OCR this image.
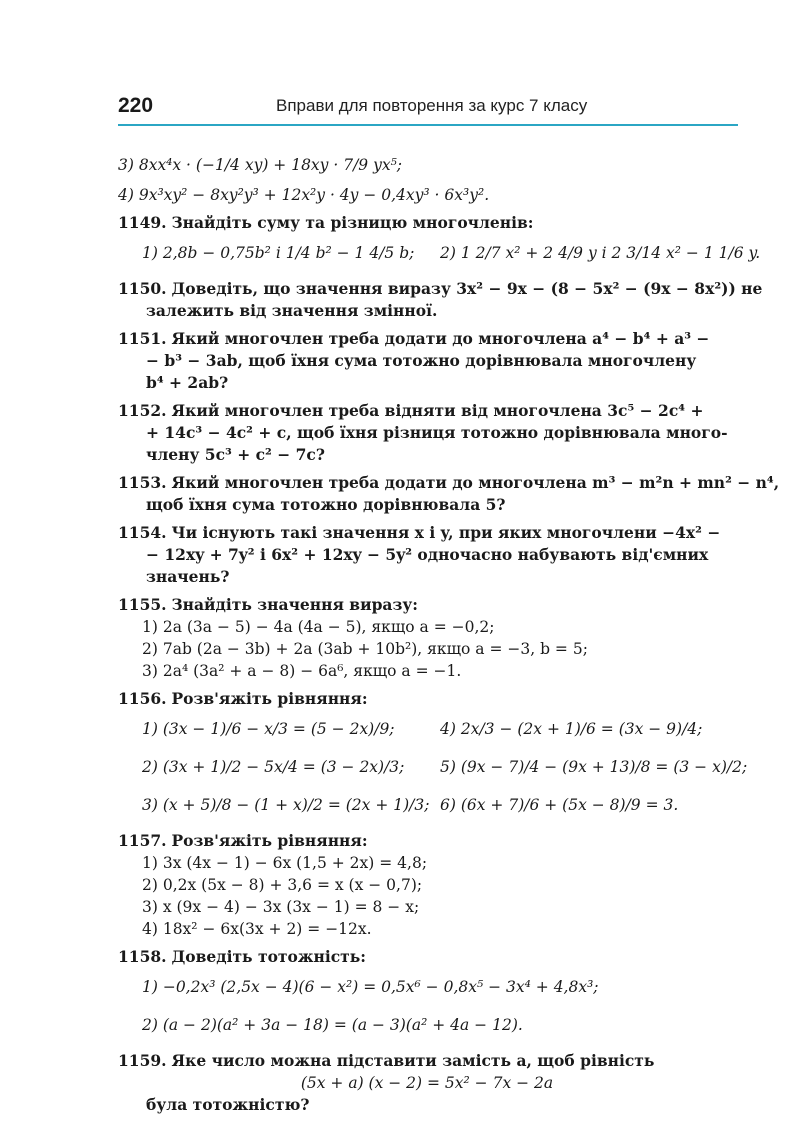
220	Вправи для повторення за курс 7 класу
3) 8xx⁴x · (−1/4 xy) + 18xy · 7/9 yx⁵;
4) 9x³xy² − 8xy²y³ + 12x²y · 4y − 0,4xy³ · 6x³y².
1149. Знайдіть суму та різницю многочленів:
1) 2,8b − 0,75b² і 1/4 b² − 1 4/5 b; 2) 1 2/7 x² + 2 4/9 y і 2 3/14 x² − 1 1/6 y.
1150. Доведіть, що значення виразу 3x² − 9x − (8 − 5x² − (9x − 8x²)) не
залежить від значення змінної.
1151. Який многочлен треба додати до многочлена a⁴ − b⁴ + a³ −
− b³ − 3ab, щоб їхня сума тотожно дорівнювала многочлену
b⁴ + 2ab?
1152. Який многочлен треба відняти від многочлена 3c⁵ − 2c⁴ +
+ 14c³ − 4c² + c, щоб їхня різниця тотожно дорівнювала много-
члену 5c³ + c² − 7c?
1153. Який многочлен треба додати до многочлена m³ − m²n + mn² − n⁴,
щоб їхня сума тотожно дорівнювала 5?
1154. Чи існують такі значення x і y, при яких многочлени −4x² −
− 12xy + 7y² і 6x² + 12xy − 5y² одночасно набувають від'ємних
значень?
1155. Знайдіть значення виразу:
1) 2a (3a − 5) − 4a (4a − 5), якщо a = −0,2;
2) 7ab (2a − 3b) + 2a (3ab + 10b²), якщо a = −3, b = 5;
3) 2a⁴ (3a² + a − 8) − 6a⁶, якщо a = −1.
1156. Розв'яжіть рівняння:
1) (3x − 1)/6 − x/3 = (5 − 2x)/9;	4) 2x/3 − (2x + 1)/6 = (3x − 9)/4;
2) (3x + 1)/2 − 5x/4 = (3 − 2x)/3; 5) (9x − 7)/4 − (9x + 13)/8 = (3 − x)/2;
3) (x + 5)/8 − (1 + x)/2 = (2x + 1)/3; 6) (6x + 7)/6 + (5x − 8)/9 = 3.
1157. Розв'яжіть рівняння:
1) 3x (4x − 1) − 6x (1,5 + 2x) = 4,8;
2) 0,2x (5x − 8) + 3,6 = x (x − 0,7);
3) x (9x − 4) − 3x (3x − 1) = 8 − x;
4) 18x² − 6x(3x + 2) = −12x.
1158. Доведіть тотожність:
1) −0,2x³ (2,5x − 4)(6 − x²) = 0,5x⁶ − 0,8x⁵ − 3x⁴ + 4,8x³;
2) (a − 2)(a² + 3a − 18) = (a − 3)(a² + 4a − 12).
1159. Яке число можна підставити замість a, щоб рівність
(5x + a) (x − 2) = 5x² − 7x − 2a
була тотожністю?
